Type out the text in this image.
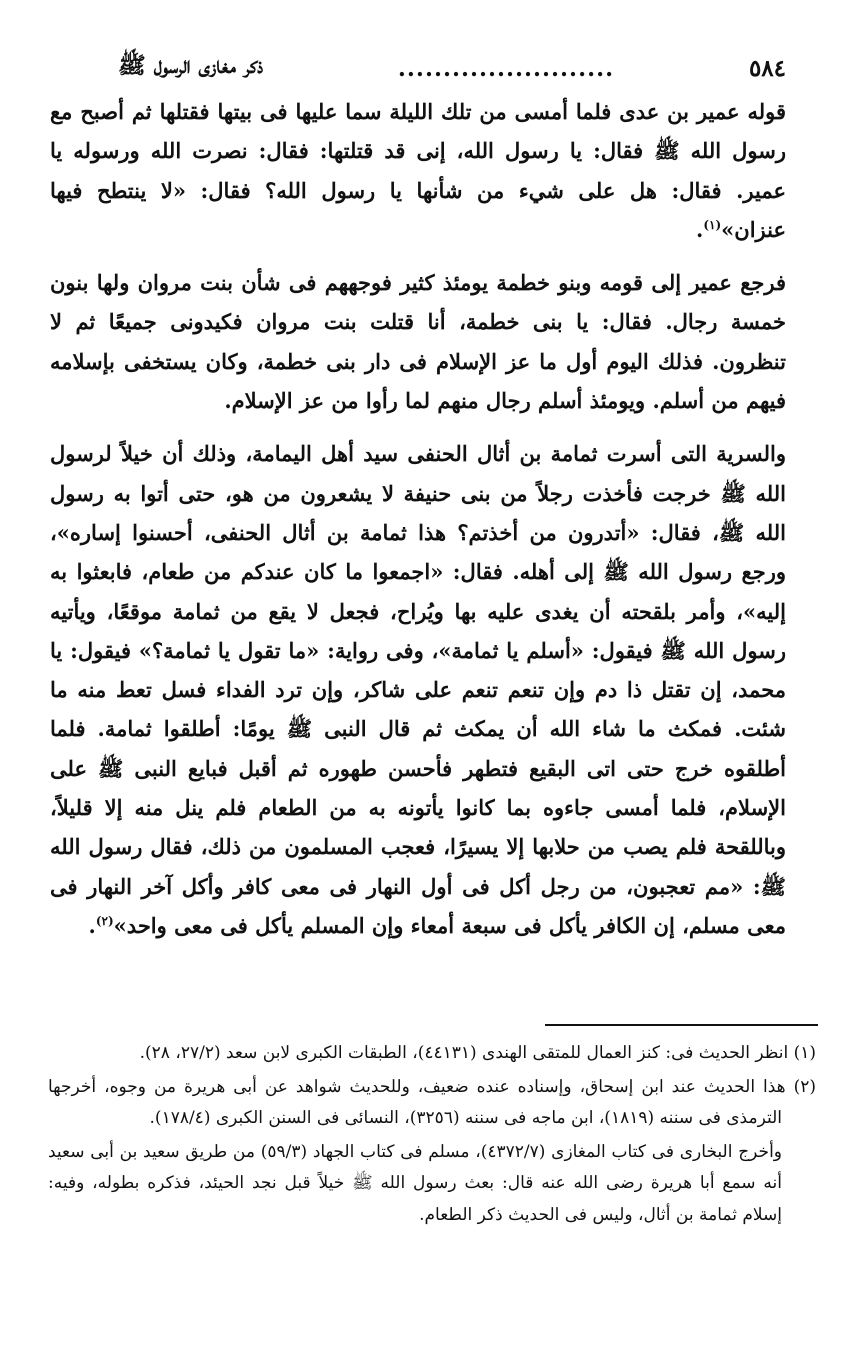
٥٨٤
........................
ذكر مغازى الرسول ﷺ

قوله عمير بن عدى فلما أمسى من تلك الليلة سما عليها فى بيتها فقتلها ثم أصبح مع رسول الله ﷺ فقال: يا رسول الله، إنى قد قتلتها: فقال: نصرت الله ورسوله يا عمير. فقال: هل على شيء من شأنها يا رسول الله؟ فقال: «لا ينتطح فيها عنزان»$^{(١)}$.

فرجع عمير إلى قومه وبنو خطمة يومئذ كثير فوجههم فى شأن بنت مروان ولها بنون خمسة رجال. فقال: يا بنى خطمة، أنا قتلت بنت مروان فكيدونى جميعًا ثم لا تنظرون. فذلك اليوم أول ما عز الإسلام فى دار بنى خطمة، وكان يستخفى بإسلامه فيهم من أسلم. ويومئذ أسلم رجال منهم لما رأوا من عز الإسلام.

والسرية التى أسرت ثمامة بن أثال الحنفى سيد أهل اليمامة، وذلك أن خيلاً لرسول الله ﷺ خرجت فأخذت رجلاً من بنى حنيفة لا يشعرون من هو، حتى أتوا به رسول الله ﷺ، فقال: «أتدرون من أخذتم؟ هذا ثمامة بن أثال الحنفى، أحسنوا إساره»، ورجع رسول الله ﷺ إلى أهله. فقال: «اجمعوا ما كان عندكم من طعام، فابعثوا به إليه»، وأمر بلقحته أن يغدى عليه بها ويُراح، فجعل لا يقع من ثمامة موقعًا، ويأتيه رسول الله ﷺ فيقول: «أسلم يا ثمامة»، وفى رواية: «ما تقول يا ثمامة؟» فيقول: يا محمد، إن تقتل ذا دم وإن تنعم تنعم على شاكر، وإن ترد الفداء فسل تعط منه ما شئت. فمكث ما شاء الله أن يمكث ثم قال النبى ﷺ يومًا: أطلقوا ثمامة. فلما أطلقوه خرج حتى اتى البقيع فتطهر فأحسن طهوره ثم أقبل فبايع النبى ﷺ على الإسلام، فلما أمسى جاءوه بما كانوا يأتونه به من الطعام فلم ينل منه إلا قليلاً، وباللقحة فلم يصب من حلابها إلا يسيرًا، فعجب المسلمون من ذلك، فقال رسول الله ﷺ: «مم تعجبون، من رجل أكل فى أول النهار فى معى كافر وأكل آخر النهار فى معى مسلم، إن الكافر يأكل فى سبعة أمعاء وإن المسلم يأكل فى معى واحد»$^{(٢)}$.

(١) انظر الحديث فى: كنز العمال للمتقى الهندى (٤٤١٣١)، الطبقات الكبرى لابن سعد (٢٧/٢، ٢٨).

(٢) هذا الحديث عند ابن إسحاق، وإسناده عنده ضعيف، وللحديث شواهد عن أبى هريرة من وجوه، أخرجها الترمذى فى سننه (١٨١٩)، ابن ماجه فى سننه (٣٢٥٦)، النسائى فى السنن الكبرى (١٧٨/٤).

وأخرج البخارى فى كتاب المغازى (٤٣٧٢/٧)، مسلم فى كتاب الجهاد (٥٩/٣) من طريق سعيد بن أبى سعيد أنه سمع أبا هريرة رضى الله عنه قال: بعث رسول الله ﷺ خيلاً قبل نجد الحيئد، فذكره بطوله، وفيه: إسلام ثمامة بن أثال، وليس فى الحديث ذكر الطعام.
